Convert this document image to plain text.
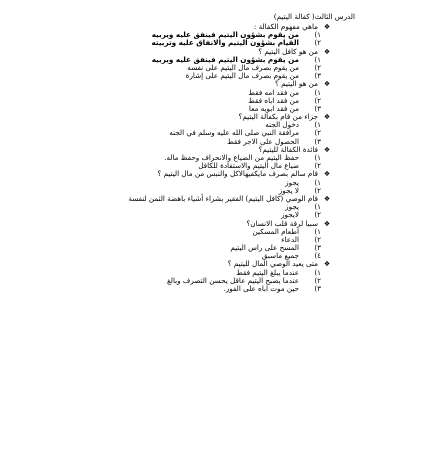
الدرس الثالث( كفالة اليتيم)
❖
ماهي مفهوم الكفالة :
١)
من يقوم بشؤون اليتيم فينفق عليه ويربيه
٢)
القيام بشؤون اليتيم والانفاق عليه وتربيته
❖
من هو كافل اليتيم ؟
١)
من يقوم بشؤون اليتيم فينفق عليه ويربيه
٢)
من يقوم بصرف مال اليتيم على نفسه
٣)
من يقوم بصرف مال اليتيم على إشارة
❖
من هو اليتيم ؟
١)
من فقد امه فقط
٢)
من فقد اباه فقط
٣)
من فقد ابويه معا
❖
جزاء من قام بكفالة اليتيم؟
١)
دخول الجنه
٢)
مرافقة النبي صلى الله عليه وسلم في الجنه
٣)
الحصول على الاجر فقط
❖
فائدة الكفالة لليتيم؟
١)
حفظ اليتيم من الضياع والانحراف وحفظ ماله.
٢)
ضياع مال اليتيم والاستفادة للكافل
❖
قام سالم بصرف مايكفيهالاكل والنبس من مال اليتيم ؟
١)
يجوز
٢)
لا يجوز
❖
قام الوصي (كافل اليتيم) الفقير بشراء أشياء باهضة الثمن لنفسة
١)
يجوز
٢)
لايجوز
❖
سببا لرقة قلب الانسان؟
١)
اطعام المسكين
٢)
الدعاء
٣)
المسح على راس اليتيم
٤)
جميع ماسبق
❖
متى يعيد الوصي المال لليتيم ؟
١)
عندما يبلغ اليتيم فقط
٢)
عندما يصبح اليتيم عاقل يحسن التصرف وبالغ
٣)
حين موت اباه على الفور.
